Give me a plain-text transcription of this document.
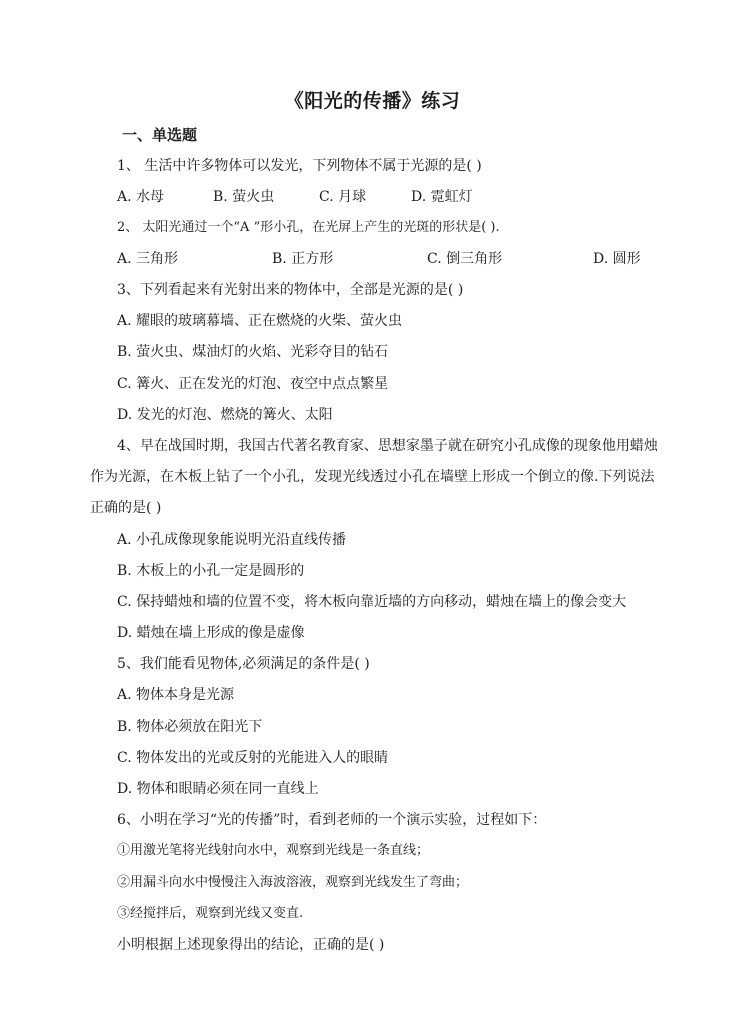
《阳光的传播》练习
一、单选题
1、 生活中许多物体可以发光，下列物体不属于光源的是( )
A. 水母	B. 萤火虫	C. 月球	D. 霓虹灯
2、 太阳光通过一个“A ”形小孔，在光屏上产生的光斑的形状是( ).
A. 三角形	B. 正方形	C. 倒三角形	D. 圆形
3、下列看起来有光射出来的物体中，全部是光源的是( )
A. 耀眼的玻璃幕墙、正在燃烧的火柴、萤火虫
B. 萤火虫、煤油灯的火焰、光彩夺目的钻石
C. 篝火、正在发光的灯泡、夜空中点点繁星
D. 发光的灯泡、燃烧的篝火、太阳
4、早在战国时期，我国古代著名教育家、思想家墨子就在研究小孔成像的现象他用蜡烛
作为光源，在木板上钻了一个小孔，发现光线透过小孔在墙壁上形成一个倒立的像.下列说法
正确的是( )
A. 小孔成像现象能说明光沿直线传播
B. 木板上的小孔一定是圆形的
C. 保持蜡烛和墙的位置不变，将木板向靠近墙的方向移动，蜡烛在墙上的像会变大
D. 蜡烛在墙上形成的像是虚像
5、我们能看见物体,必须满足的条件是( )
A. 物体本身是光源
B. 物体必须放在阳光下
C. 物体发出的光或反射的光能进入人的眼睛
D. 物体和眼睛必须在同一直线上
6、小明在学习“光的传播”时，看到老师的一个演示实验，过程如下：
①用激光笔将光线射向水中，观察到光线是一条直线；
②用漏斗向水中慢慢注入海波溶液，观察到光线发生了弯曲；
③经搅拌后，观察到光线又变直.
小明根据上述现象得出的结论，正确的是( )
